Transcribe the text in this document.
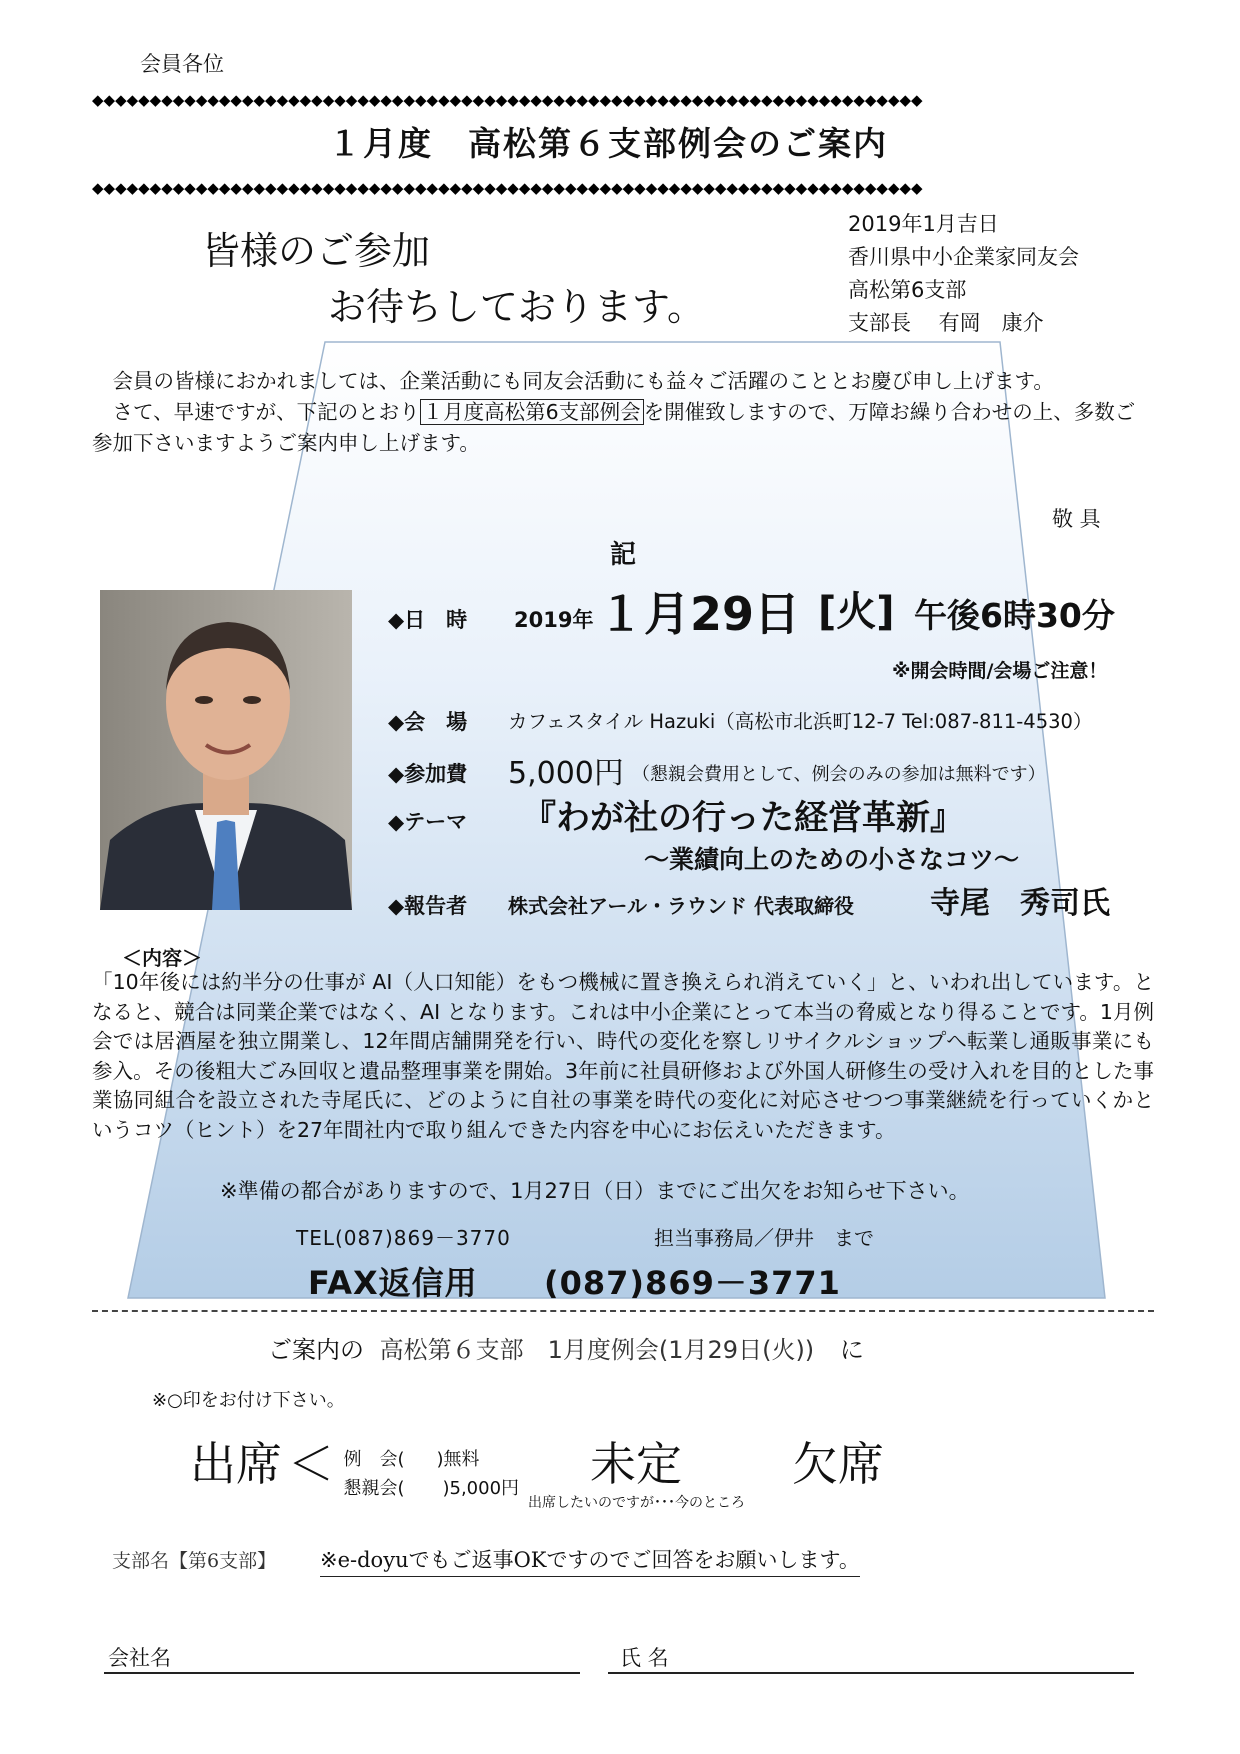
会員各位
◆◆◆◆◆◆◆◆◆◆◆◆◆◆◆◆◆◆◆◆◆◆◆◆◆◆◆◆◆◆◆◆◆◆◆◆◆◆◆◆◆◆◆◆◆◆◆◆◆◆◆◆◆◆◆◆◆◆◆◆◆◆◆◆◆◆◆◆◆◆◆◆
１月度　高松第６支部例会のご案内
◆◆◆◆◆◆◆◆◆◆◆◆◆◆◆◆◆◆◆◆◆◆◆◆◆◆◆◆◆◆◆◆◆◆◆◆◆◆◆◆◆◆◆◆◆◆◆◆◆◆◆◆◆◆◆◆◆◆◆◆◆◆◆◆◆◆◆◆◆◆◆◆
皆様のご参加
お待ちしております。
2019年1月吉日
香川県中小企業家同友会
高松第6支部
支部長　 有岡　康介

会員の皆様におかれましては、企業活動にも同友会活動にも益々ご活躍のこととお慶び申し上げます。

さて、早速ですが、下記のとおり １月度高松第6支部例会 を開催致しますので、万障お繰り合わせの上、多数ご参加下さいますようご案内申し上げます。

敬 具
記
◆日　時 2019年 １月29日 [火] 午後6時30分
※開会時間/会場ご注意！
◆会　場 カフェスタイル Hazuki（高松市北浜町12-7 Tel:087-811-4530）
◆参加費 5,000円 （懇親会費用として、例会のみの参加は無料です）
◆テーマ 『わが社の行った経営革新』
～業績向上のための小さなコツ～
◆報告者 株式会社アール・ラウンド 代表取締役	寺尾　秀司氏
＜内容＞
「10年後には約半分の仕事が AI（人口知能）をもつ機械に置き換えられ消えていく」と、いわれ出しています。となると、競合は同業企業ではなく、AI となります。これは中小企業にとって本当の脅威となり得ることです。1月例会では居酒屋を独立開業し、12年間店舗開発を行い、時代の変化を察しリサイクルショップへ転業し通販事業にも参入。その後粗大ごみ回収と遺品整理事業を開始。3年前に社員研修および外国人研修生の受け入れを目的とした事業協同組合を設立された寺尾氏に、どのように自社の事業を時代の変化に対応させつつ事業継続を行っていくかというコツ（ヒント）を27年間社内で取り組んできた内容を中心にお伝えいただきます。
※準備の都合がありますので、1月27日（日）までにご出欠をお知らせ下さい。
TEL(087)869－3770	担当事務局／伊井　まで
FAX返信用 (087)869－3771
ご案内の 高松第６支部　1月度例会(1月29日(火)) に
※○印をお付け下さい。
出席 ＜ 例　会( )無料

懇親会( )5,000円 未定
出席したいのですが･･･今のところ
欠席
支部名【第6支部】 ※e-doyuでもご返事OKですのでご回答をお願いします。
会社名	氏 名
